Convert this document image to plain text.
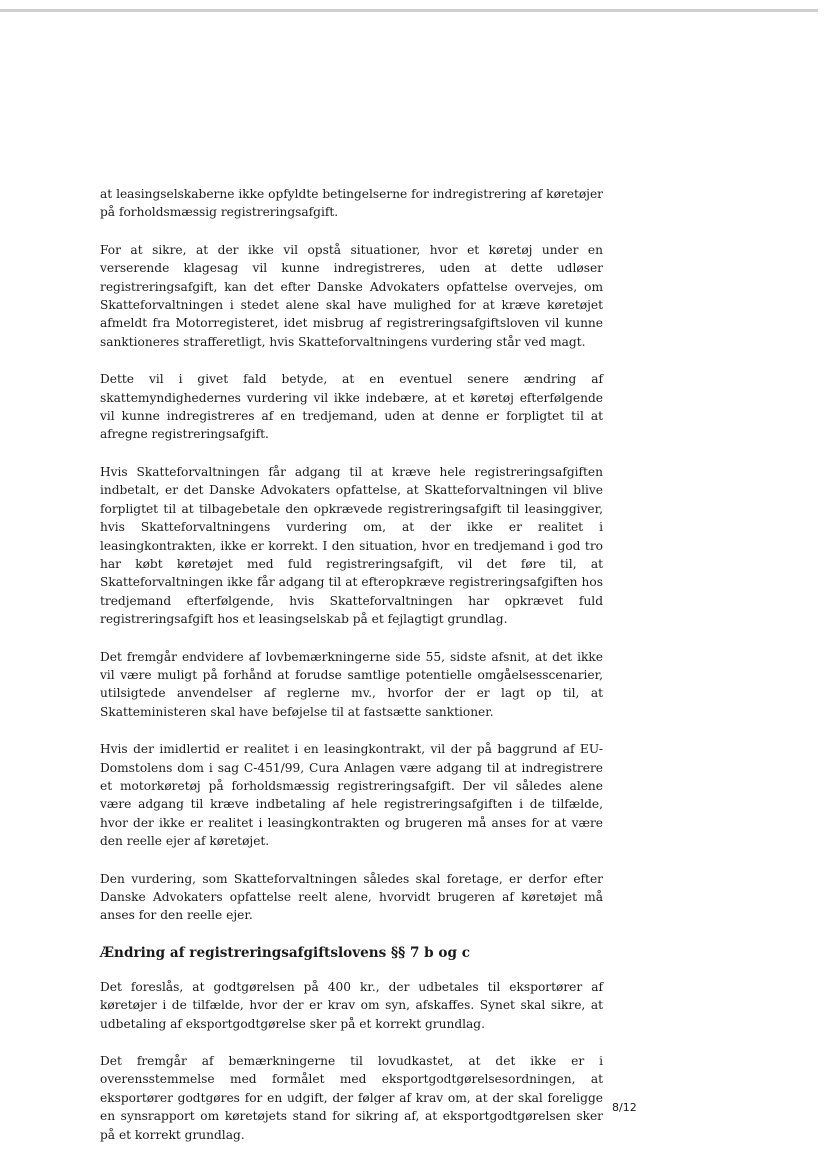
at leasingselskaberne ikke opfyldte betingelserne for indregistrering af køretøjer på forholdsmæssig registreringsafgift.

For at sikre, at der ikke vil opstå situationer, hvor et køretøj under en verserende klagesag vil kunne indregistreres, uden at dette udløser registreringsafgift, kan det efter Danske Advokaters opfattelse overvejes, om Skatteforvaltningen i stedet alene skal have mulighed for at kræve køretøjet afmeldt fra Motorregisteret, idet misbrug af registreringsafgiftsloven vil kunne sanktioneres strafferetligt, hvis Skatteforvaltningens vurdering står ved magt.

Dette vil i givet fald betyde, at en eventuel senere ændring af skattemyndighedernes vurdering vil ikke indebære, at et køretøj efterfølgende vil kunne indregistreres af en tredjemand, uden at denne er forpligtet til at afregne registreringsafgift.

Hvis Skatteforvaltningen får adgang til at kræve hele registreringsafgiften indbetalt, er det Danske Advokaters opfattelse, at Skatteforvaltningen vil blive forpligtet til at tilbagebetale den opkrævede registreringsafgift til leasinggiver, hvis Skatteforvaltningens vurdering om, at der ikke er realitet i leasingkontrakten, ikke er korrekt. I den situation, hvor en tredjemand i god tro har købt køretøjet med fuld registreringsafgift, vil det føre til, at Skatteforvaltningen ikke får adgang til at efteropkræve registreringsafgiften hos tredjemand efterfølgende, hvis Skatteforvaltningen har opkrævet fuld registreringsafgift hos et leasingselskab på et fejlagtigt grundlag.

Det fremgår endvidere af lovbemærkningerne side 55, sidste afsnit, at det ikke vil være muligt på forhånd at forudse samtlige potentielle omgåelsesscenarier, utilsigtede anvendelser af reglerne mv., hvorfor der er lagt op til, at Skatteministeren skal have beføjelse til at fastsætte sanktioner.

Hvis der imidlertid er realitet i en leasingkontrakt, vil der på baggrund af EU-Domstolens dom i sag C-451/99, Cura Anlagen være adgang til at indregistrere et motorkøretøj på forholdsmæssig registreringsafgift. Der vil således alene være adgang til kræve indbetaling af hele registreringsafgiften i de tilfælde, hvor der ikke er realitet i leasingkontrakten og brugeren må anses for at være den reelle ejer af køretøjet.

Den vurdering, som Skatteforvaltningen således skal foretage, er derfor efter Danske Advokaters opfattelse reelt alene, hvorvidt brugeren af køretøjet må anses for den reelle ejer.

Ændring af registreringsafgiftslovens §§ 7 b og c

Det foreslås, at godtgørelsen på 400 kr., der udbetales til eksportører af køretøjer i de tilfælde, hvor der er krav om syn, afskaffes. Synet skal sikre, at udbetaling af eksportgodtgørelse sker på et korrekt grundlag.

Det fremgår af bemærkningerne til lovudkastet, at det ikke er i overensstemmelse med formålet med eksportgodtgørelsesordningen, at eksportører godtgøres for en udgift, der følger af krav om, at der skal foreligge en synsrapport om køretøjets stand for sikring af, at eksportgodtgørelsen sker på et korrekt grundlag.

8/12
